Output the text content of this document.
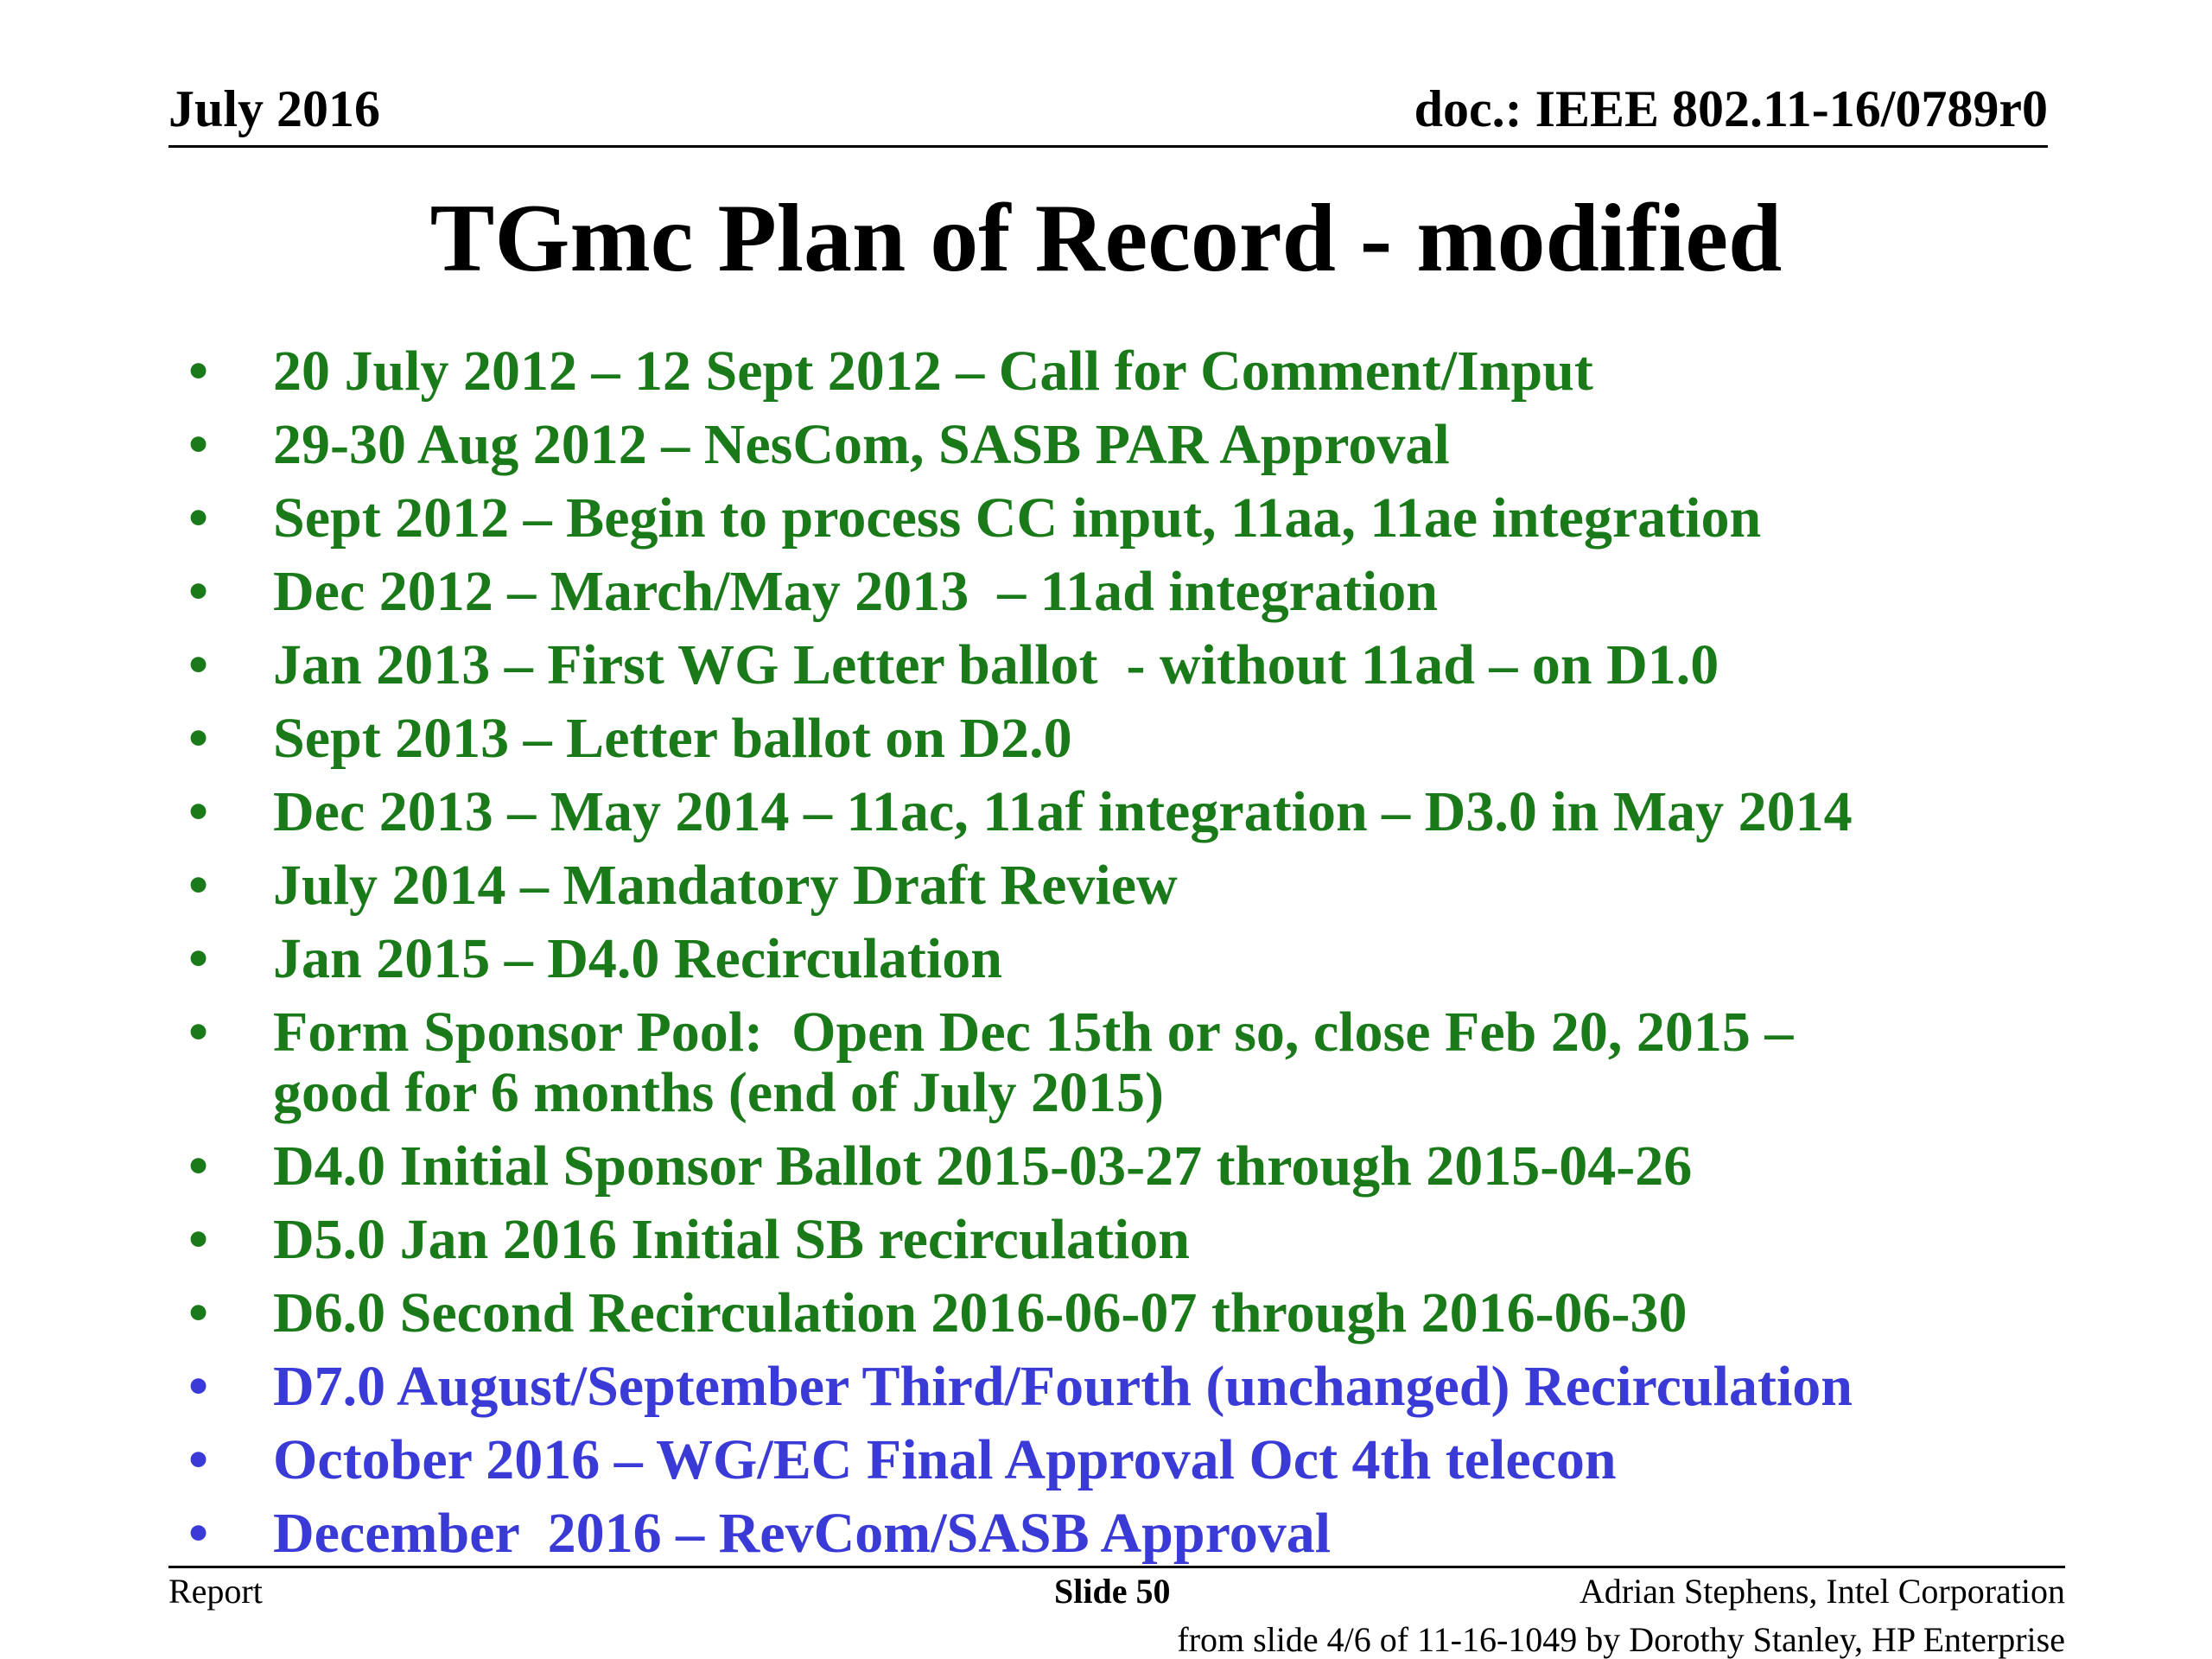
July 2016	doc.: IEEE 802.11-16/0789r0
TGmc Plan of Record - modified
• 20 July 2012 – 12 Sept 2012 – Call for Comment/Input
• 29-30 Aug 2012 – NesCom, SASB PAR Approval
• Sept 2012 – Begin to process CC input, 11aa, 11ae integration
• Dec 2012 – March/May 2013  – 11ad integration
• Jan 2013 – First WG Letter ballot  - without 11ad – on D1.0
• Sept 2013 – Letter ballot on D2.0
• Dec 2013 – May 2014 – 11ac, 11af integration – D3.0 in May 2014
• July 2014 – Mandatory Draft Review
• Jan 2015 – D4.0 Recirculation
• Form Sponsor Pool:  Open Dec 15th or so, close Feb 20, 2015 –
good for 6 months (end of July 2015)
• D4.0 Initial Sponsor Ballot 2015-03-27 through 2015-04-26
• D5.0 Jan 2016 Initial SB recirculation
• D6.0 Second Recirculation 2016-06-07 through 2016-06-30
• D7.0 August/September Third/Fourth (unchanged) Recirculation
• October 2016 – WG/EC Final Approval Oct 4th telecon
• December  2016 – RevCom/SASB Approval
Report	Slide 50	Adrian Stephens, Intel Corporation
from slide 4/6 of 11-16-1049 by Dorothy Stanley, HP Enterprise
